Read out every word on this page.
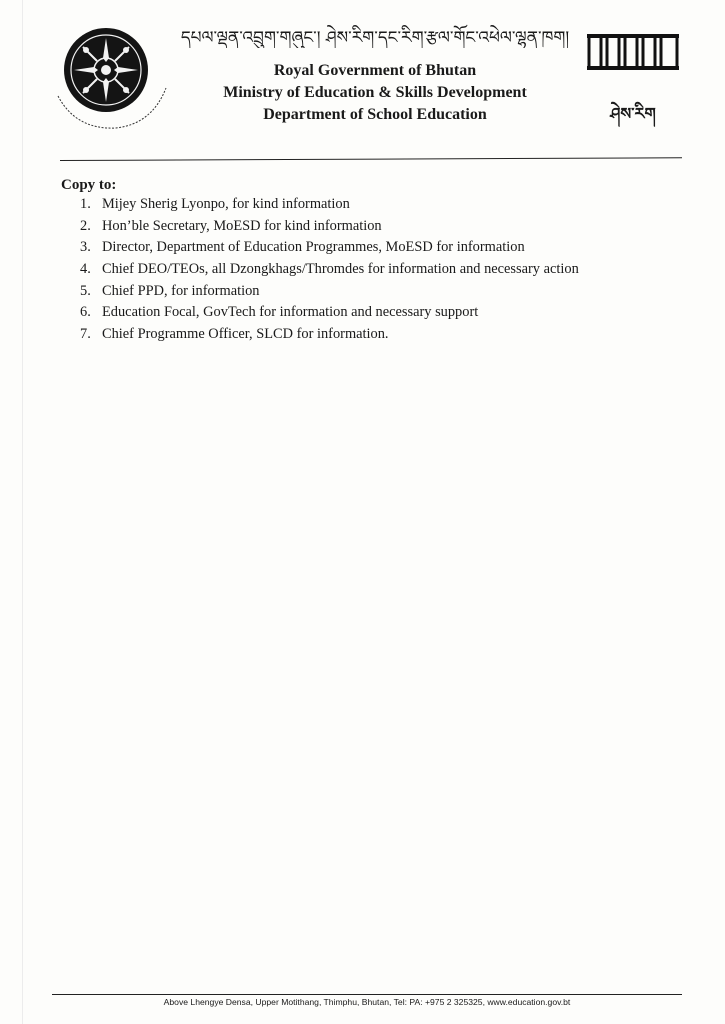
དཔལ་ལྡན་འབྲུག་གཞུང་། ཤེས་རིག་དང་རིག་རྩལ་གོང་འཕེལ་ལྷན་ཁག།
Royal Government of Bhutan
Ministry of Education & Skills Development
Department of School Education	ཤེས་རིག
Copy to:
1. Mijey Sherig Lyonpo, for kind information
2. Hon’ble Secretary, MoESD for kind information
3. Director, Department of Education Programmes, MoESD for information
4. Chief DEO/TEOs, all Dzongkhags/Thromdes for information and necessary action
5. Chief PPD, for information
6. Education Focal, GovTech for information and necessary support
7. Chief Programme Officer, SLCD for information.
Above Lhengye Densa, Upper Motithang, Thimphu, Bhutan, Tel: PA: +975 2 325325, www.education.gov.bt
